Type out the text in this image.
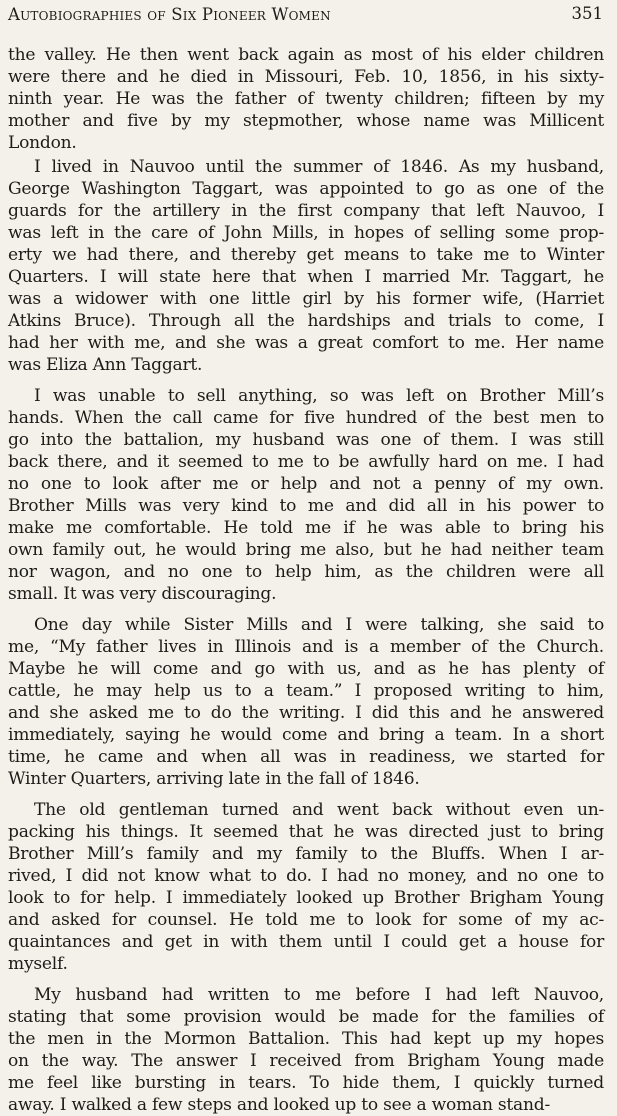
Autobiographies of Six Pioneer Women	351
the valley. He then went back again as most of his elder children
were there and he died in Missouri, Feb. 10, 1856, in his sixty-
ninth year. He was the father of twenty children; fifteen by my
mother and five by my stepmother, whose name was Millicent
London.
I lived in Nauvoo until the summer of 1846. As my husband,
George Washington Taggart, was appointed to go as one of the
guards for the artillery in the first company that left Nauvoo, I
was left in the care of John Mills, in hopes of selling some prop-
erty we had there, and thereby get means to take me to Winter
Quarters. I will state here that when I married Mr. Taggart, he
was a widower with one little girl by his former wife, (Harriet
Atkins Bruce). Through all the hardships and trials to come, I
had her with me, and she was a great comfort to me. Her name
was Eliza Ann Taggart.
I was unable to sell anything, so was left on Brother Mill’s
hands. When the call came for five hundred of the best men to
go into the battalion, my husband was one of them. I was still
back there, and it seemed to me to be awfully hard on me. I had
no one to look after me or help and not a penny of my own.
Brother Mills was very kind to me and did all in his power to
make me comfortable. He told me if he was able to bring his
own family out, he would bring me also, but he had neither team
nor wagon, and no one to help him, as the children were all
small. It was very discouraging.
One day while Sister Mills and I were talking, she said to
me, “My father lives in Illinois and is a member of the Church.
Maybe he will come and go with us, and as he has plenty of
cattle, he may help us to a team.” I proposed writing to him,
and she asked me to do the writing. I did this and he answered
immediately, saying he would come and bring a team. In a short
time, he came and when all was in readiness, we started for
Winter Quarters, arriving late in the fall of 1846.
The old gentleman turned and went back without even un-
packing his things. It seemed that he was directed just to bring
Brother Mill’s family and my family to the Bluffs. When I ar-
rived, I did not know what to do. I had no money, and no one to
look to for help. I immediately looked up Brother Brigham Young
and asked for counsel. He told me to look for some of my ac-
quaintances and get in with them until I could get a house for
myself.
My husband had written to me before I had left Nauvoo,
stating that some provision would be made for the families of
the men in the Mormon Battalion. This had kept up my hopes
on the way. The answer I received from Brigham Young made
me feel like bursting in tears. To hide them, I quickly turned
away. I walked a few steps and looked up to see a woman stand-
